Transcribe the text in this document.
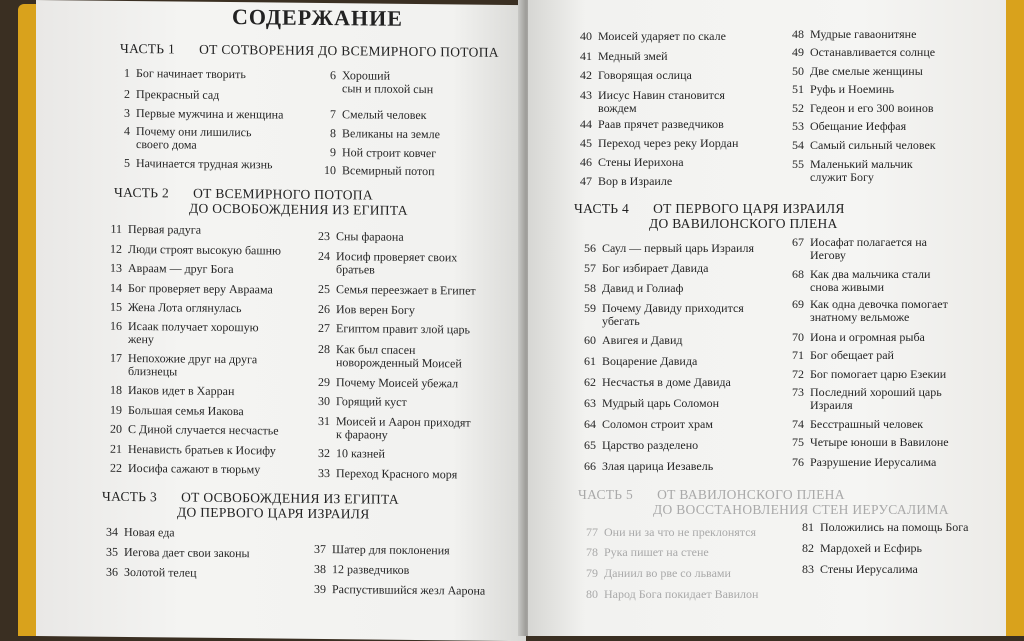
СОДЕРЖАНИЕ
ЧАСТЬ 1 ОТ СОТВОРЕНИЯ ДО ВСЕМИРНОГО ПОТОПА
ЧАСТЬ 2 ОТ ВСЕМИРНОГО ПОТОПА
ДО ОСВОБОЖДЕНИЯ ИЗ ЕГИПТА
ЧАСТЬ 3 ОТ ОСВОБОЖДЕНИЯ ИЗ ЕГИПТА
ДО ПЕРВОГО ЦАРЯ ИЗРАИЛЯ
1 Бог начинает творить
2 Прекрасный сад
3 Первые мужчина и женщина
4 Почему они лишились
своего дома
5 Начинается трудная жизнь
6 Хороший
сын и плохой сын
7 Смелый человек
8 Великаны на земле
9 Ной строит ковчег
10 Всемирный потоп
11 Первая радуга
12 Люди строят высокую башню
13 Авраам — друг Бога
14 Бог проверяет веру Авраама
15 Жена Лота оглянулась
16 Исаак получает хорошую
жену
17 Непохожие друг на друга
близнецы
18 Иаков идет в Харран
19 Большая семья Иакова
20 С Диной случается несчастье
21 Ненависть братьев к Иосифу
22 Иосифа сажают в тюрьму
23 Сны фараона
24 Иосиф проверяет своих
братьев
25 Семья переезжает в Египет
26 Иов верен Богу
27 Египтом правит злой царь
28 Как был спасен
новорожденный Моисей
29 Почему Моисей убежал
30 Горящий куст
31 Моисей и Аарон приходят
к фараону
32 10 казней
33 Переход Красного моря
34 Новая еда
35 Иегова дает свои законы
36 Золотой телец
37 Шатер для поклонения
38 12 разведчиков
39 Распустившийся жезл Аарона
ЧАСТЬ 4 ОТ ПЕРВОГО ЦАРЯ ИЗРАИЛЯ
ДО ВАВИЛОНСКОГО ПЛЕНА
ЧАСТЬ 5 ОТ ВАВИЛОНСКОГО ПЛЕНА
ДО ВОССТАНОВЛЕНИЯ СТЕН ИЕРУСАЛИМА
40 Моисей ударяет по скале
41 Медный змей
42 Говорящая ослица
43 Иисус Навин становится
вождем
44 Раав прячет разведчиков
45 Переход через реку Иордан
46 Стены Иерихона
47 Вор в Израиле
48 Мудрые гаваонитяне
49 Останавливается солнце
50 Две смелые женщины
51 Руфь и Ноеминь
52 Гедеон и его 300 воинов
53 Обещание Иеффая
54 Самый сильный человек
55 Маленький мальчик
служит Богу
56 Саул — первый царь Израиля
57 Бог избирает Давида
58 Давид и Голиаф
59 Почему Давиду приходится
убегать
60 Авигея и Давид
61 Воцарение Давида
62 Несчастья в доме Давида
63 Мудрый царь Соломон
64 Соломон строит храм
65 Царство разделено
66 Злая царица Иезавель
67 Иосафат полагается на
Иегову
68 Как два мальчика стали
снова живыми
69 Как одна девочка помогает
знатному вельможе
70 Иона и огромная рыба
71 Бог обещает рай
72 Бог помогает царю Езекии
73 Последний хороший царь
Израиля
74 Бесстрашный человек
75 Четыре юноши в Вавилоне
76 Разрушение Иерусалима
77 Они ни за что не преклонятся
78 Рука пишет на стене
79 Даниил во рве со львами
80 Народ Бога покидает Вавилон
81 Положились на помощь Бога
82 Мардохей и Есфирь
83 Стены Иерусалима
